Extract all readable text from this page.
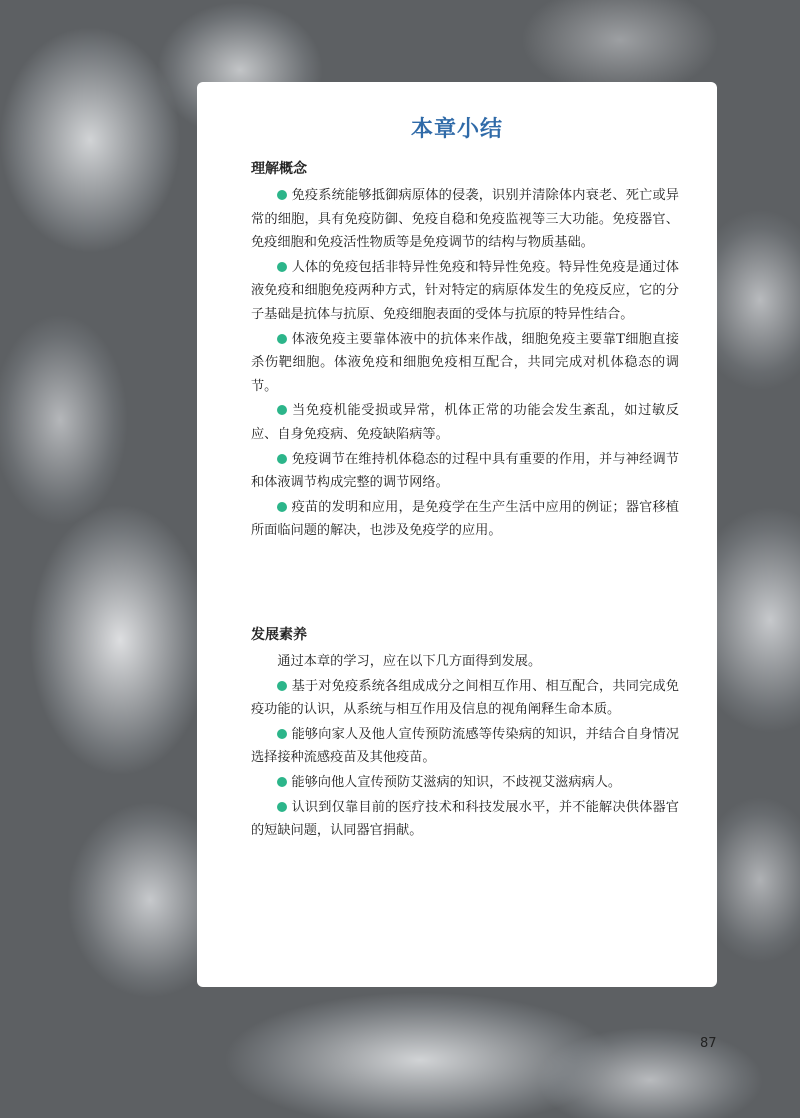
本章小结
理解概念

免疫系统能够抵御病原体的侵袭，识别并清除体内衰老、死亡或异常的细胞，具有免疫防御、免疫自稳和免疫监视等三大功能。免疫器官、免疫细胞和免疫活性物质等是免疫调节的结构与物质基础。

人体的免疫包括非特异性免疫和特异性免疫。特异性免疫是通过体液免疫和细胞免疫两种方式，针对特定的病原体发生的免疫反应，它的分子基础是抗体与抗原、免疫细胞表面的受体与抗原的特异性结合。

体液免疫主要靠体液中的抗体来作战，细胞免疫主要靠T细胞直接杀伤靶细胞。体液免疫和细胞免疫相互配合，共同完成对机体稳态的调节。

当免疫机能受损或异常，机体正常的功能会发生紊乱，如过敏反应、自身免疫病、免疫缺陷病等。

免疫调节在维持机体稳态的过程中具有重要的作用，并与神经调节和体液调节构成完整的调节网络。

疫苗的发明和应用，是免疫学在生产生活中应用的例证；器官移植所面临问题的解决，也涉及免疫学的应用。

发展素养

通过本章的学习，应在以下几方面得到发展。

基于对免疫系统各组成成分之间相互作用、相互配合，共同完成免疫功能的认识，从系统与相互作用及信息的视角阐释生命本质。

能够向家人及他人宣传预防流感等传染病的知识，并结合自身情况选择接种流感疫苗及其他疫苗。

能够向他人宣传预防艾滋病的知识，不歧视艾滋病病人。

认识到仅靠目前的医疗技术和科技发展水平，并不能解决供体器官的短缺问题，认同器官捐献。

87
